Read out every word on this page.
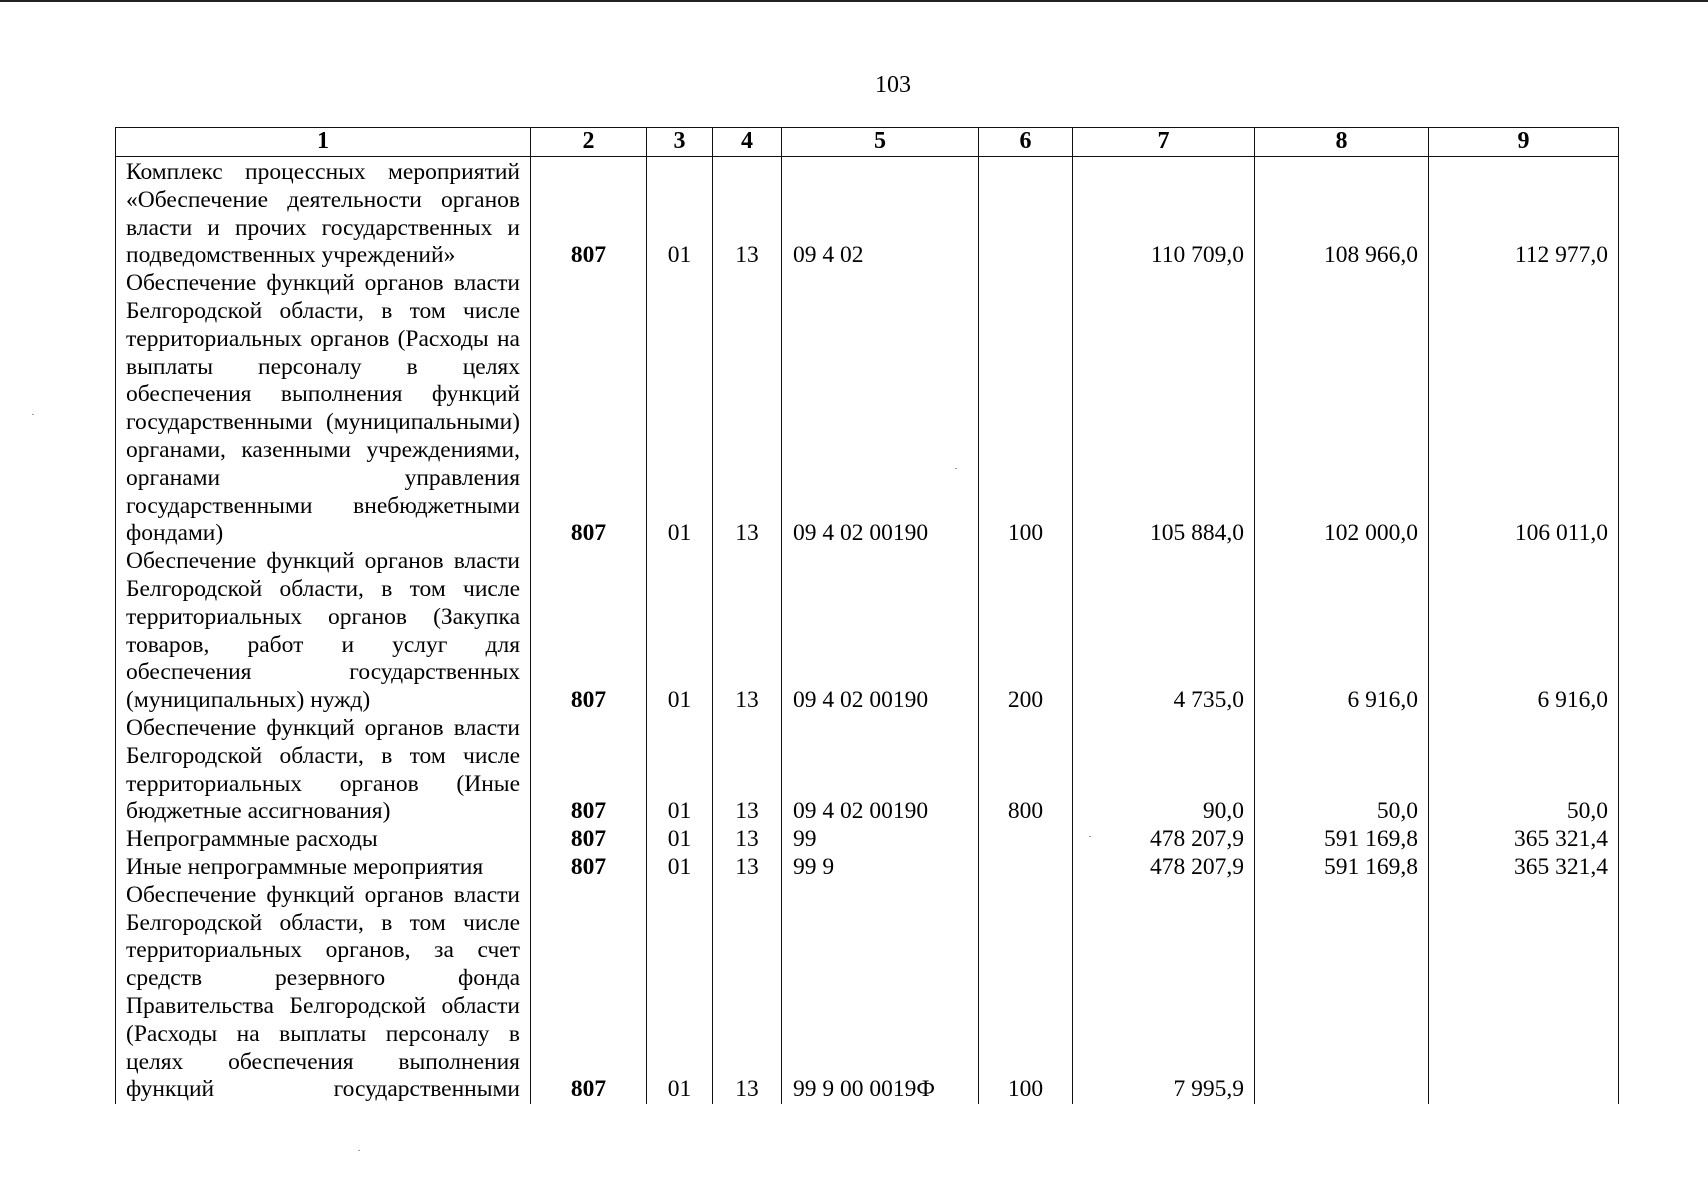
103
1	2	3	4	5	6	7	8	9
Комплекс процессных мероприятий «Обеспечение деятельности органов власти и прочих государственных и подведомственных учреждений»	807	01	13	09 4 02		110 709,0	108 966,0	112 977,0
Обеспечение функций органов власти Белгородской области, в том числе территориальных органов (Расходы на выплаты персоналу в целях обеспечения выполнения функций государственными (муниципальными) органами, казенными учреждениями, органами управления государственными внебюджетными фондами)	807	01	13	09 4 02 00190	100	105 884,0	102 000,0	106 011,0
Обеспечение функций органов власти Белгородской области, в том числе территориальных органов (Закупка товаров, работ и услуг для обеспечения государственных (муниципальных) нужд)	807	01	13	09 4 02 00190	200	4 735,0	6 916,0	6 916,0
Обеспечение функций органов власти Белгородской области, в том числе территориальных органов (Иные бюджетные ассигнования)	807	01	13	09 4 02 00190	800	90,0	50,0	50,0
Непрограммные расходы	807	01	13	99		478 207,9	591 169,8	365 321,4
Иные непрограммные мероприятия	807	01	13	99 9		478 207,9	591 169,8	365 321,4
Обеспечение функций органов власти Белгородской области, в том числе территориальных органов, за счет средств резервного фонда Правительства Белгородской области (Расходы на выплаты персоналу в целях обеспечения выполнения функций государственными	807	01	13	99 9 00 0019Ф	100	7 995,9		
